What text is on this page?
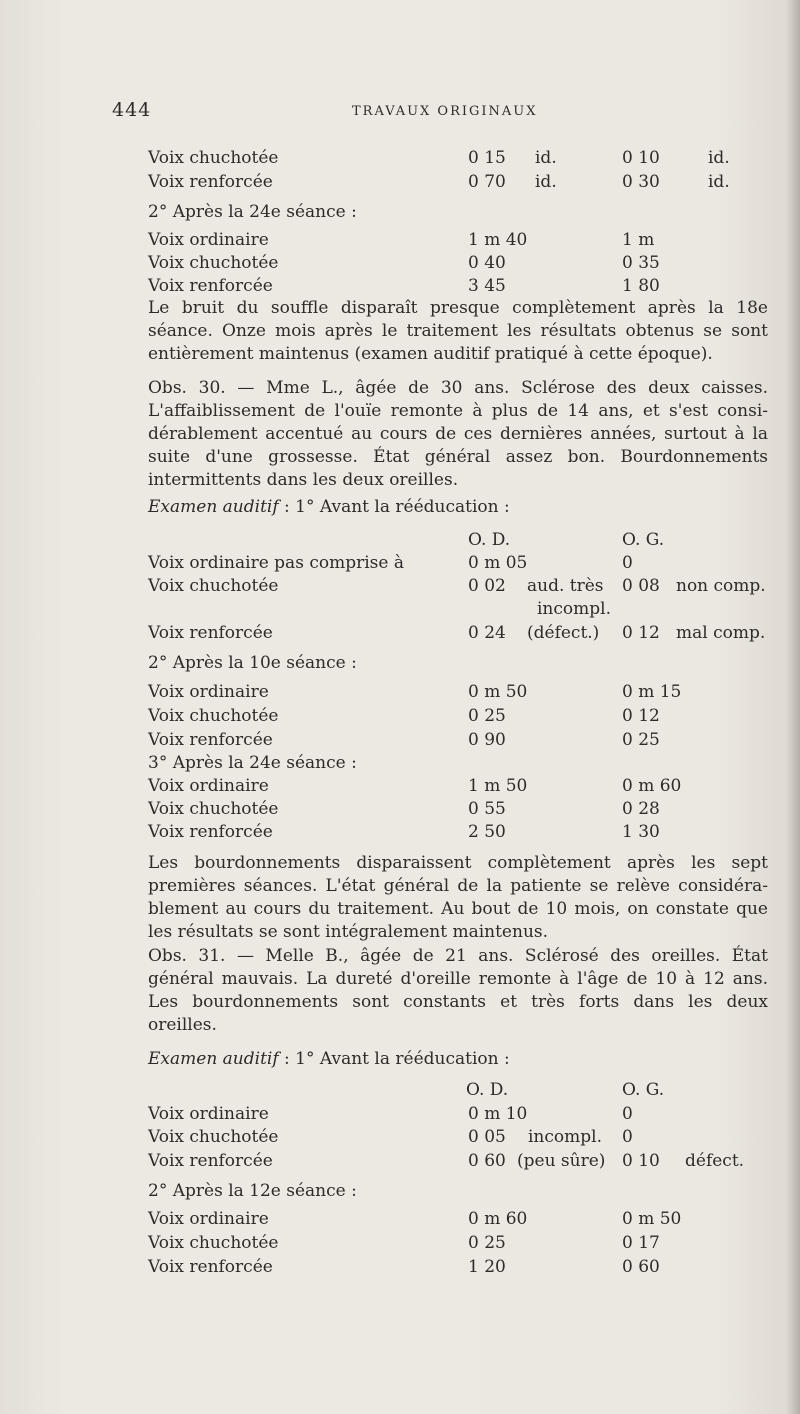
444	TRAVAUX ORIGINAUX
Voix chuchotée	0 15 id.	0 10	id.
Voix renforcée	0 70 id.	0 30	id.
2° Après la 24e séance :
Voix ordinaire	1 m 40	1 m
Voix chuchotée	0 40	0 35
Voix renforcée	3 45	1 80
Le bruit du souffle disparaît presque complètement après la 18e
séance. Onze mois après le traitement les résultats obtenus se sont
entièrement maintenus (examen auditif pratiqué à cette époque).
Obs. 30. — Mme L., âgée de 30 ans. Sclérose des deux caisses.
L'affaiblissement de l'ouïe remonte à plus de 14 ans, et s'est consi-
dérablement accentué au cours de ces dernières années, surtout à la
suite d'une grossesse. État général assez bon. Bourdonnements
intermittents dans les deux oreilles.
Examen auditif : 1° Avant la rééducation :
O. D.	O. G.
Voix ordinaire pas comprise à	0 m 05	0
Voix chuchotée	0 02 aud. très 0 08 non comp.
incompl.
Voix renforcée	0 24 (défect.) 0 12 mal comp.
2° Après la 10e séance :
Voix ordinaire	0 m 50	0 m 15
Voix chuchotée	0 25	0 12
Voix renforcée	0 90	0 25
3° Après la 24e séance :
Voix ordinaire	1 m 50	0 m 60
Voix chuchotée	0 55	0 28
Voix renforcée	2 50	1 30
Les bourdonnements disparaissent complètement après les sept
premières séances. L'état général de la patiente se relève considéra-
blement au cours du traitement. Au bout de 10 mois, on constate que
les résultats se sont intégralement maintenus.
Obs. 31. — Melle B., âgée de 21 ans. Sclérosé des oreilles. État
général mauvais. La dureté d'oreille remonte à l'âge de 10 à 12 ans.
Les bourdonnements sont constants et très forts dans les deux
oreilles.
Examen auditif : 1° Avant la rééducation :
O. D.	O. G.
Voix ordinaire	0 m 10	0
Voix chuchotée	0 05 incompl. 0
Voix renforcée	0 60 (peu sûre) 0 10 défect.
2° Après la 12e séance :
Voix ordinaire	0 m 60	0 m 50
Voix chuchotée	0 25	0 17
Voix renforcée	1 20	0 60
